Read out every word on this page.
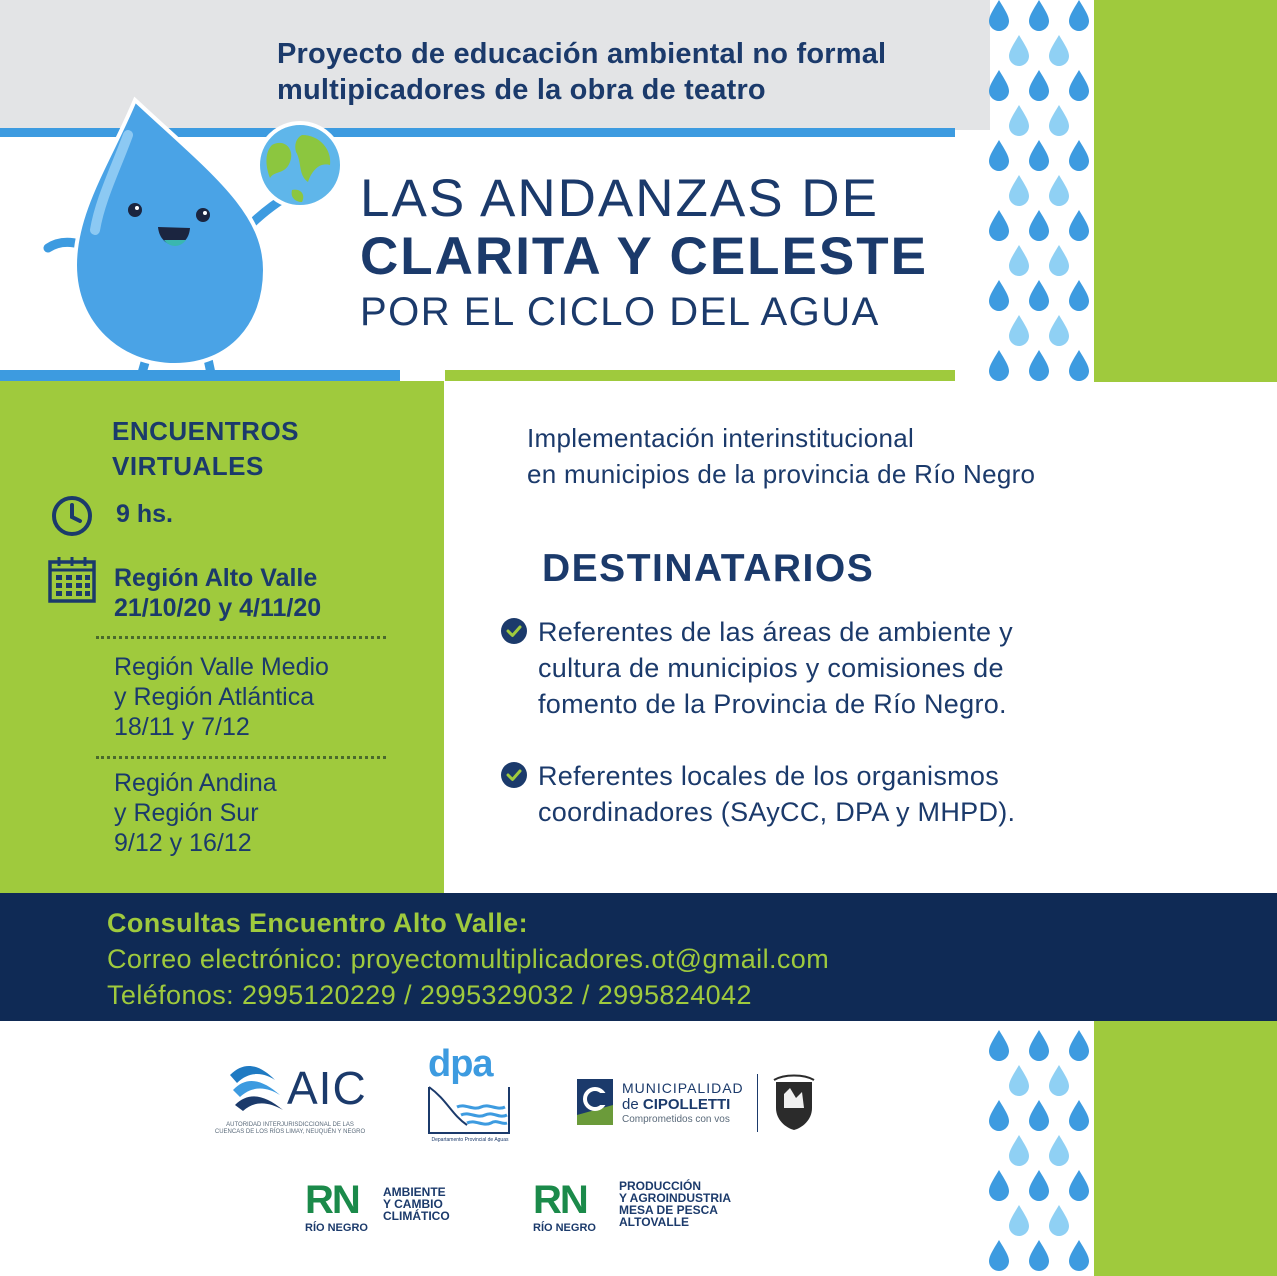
Proyecto de educación ambiental no formal
multipicadores de la obra de teatro
LAS ANDANZAS DE
CLARITA Y CELESTE
POR EL CICLO DEL AGUA
ENCUENTROS
VIRTUALES
9 hs.
Región Alto Valle
21/10/20 y 4/11/20
Región Valle Medio
y Región Atlántica
18/11 y 7/12
Región Andina
y Región Sur
9/12 y 16/12
Implementación interinstitucional
en municipios de la provincia de Río Negro
DESTINATARIOS
Referentes de las áreas de ambiente y
cultura de municipios y comisiones de
fomento de la Provincia de Río Negro.
Referentes locales de los organismos
coordinadores (SAyCC, DPA y MHPD).
Consultas Encuentro Alto Valle:
Correo electrónico: proyectomultiplicadores.ot@gmail.com
Teléfonos: 2995120229 / 2995329032 / 2995824042
AIC
AUTORIDAD INTERJURISDICCIONAL DE LAS
CUENCAS DE LOS RÍOS LIMAY, NEUQUÉN Y NEGRO
dpa
Departamento Provincial de Aguas
MUNICIPALIDAD
de CIPOLLETTI
Comprometidos con vos
RN
RÍO NEGRO
AMBIENTE
Y CAMBIO
CLIMÁTICO RN
RÍO NEGRO
PRODUCCIÓN
Y AGROINDUSTRIA
MESA DE PESCA
ALTOVALLE
